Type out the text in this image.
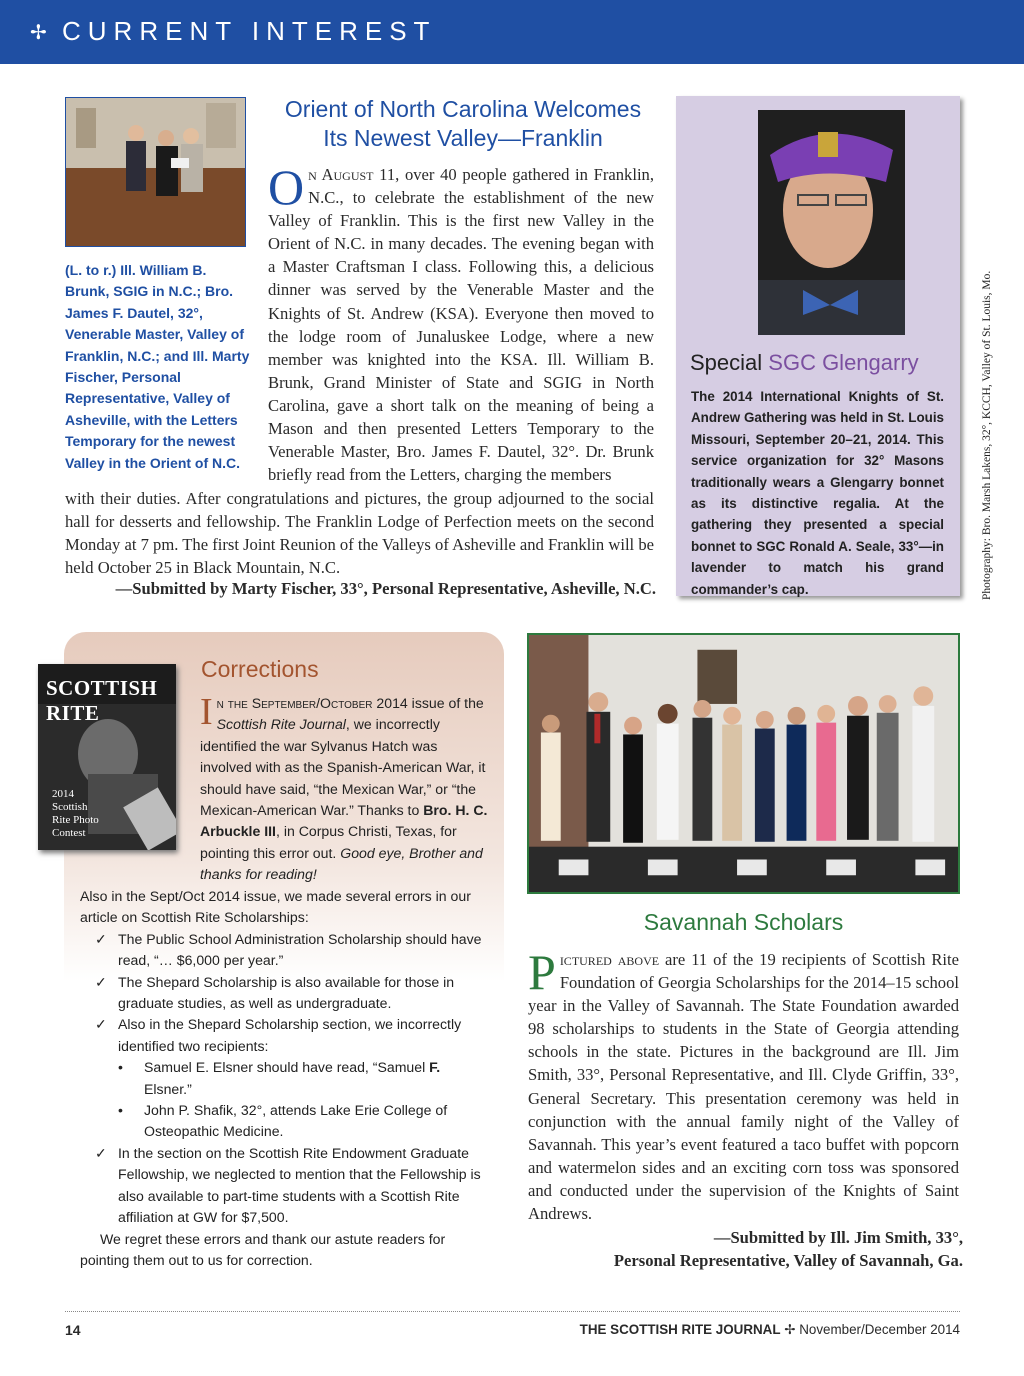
✢ CURRENT INTEREST
(L. to r.) Ill. William B. Brunk, SGIG in N.C.; Bro. James F. Dautel, 32°, Venerable Master, Valley of Franklin, N.C.; and Ill. Marty Fischer, Personal Representative, Valley of Asheville, with the Letters Temporary for the newest Valley in the Orient of N.C.
Orient of North Carolina Welcomes
Its Newest Valley—Franklin
On August 11, over 40 people gathered in Franklin, N.C., to celebrate the establishment of the new Valley of Franklin. This is the first new Valley in the Orient of N.C. in many decades. The evening began with a Master Craftsman I class. Following this, a delicious dinner was served by the Venerable Master and the Knights of St. Andrew (KSA). Everyone then moved to the lodge room of Junaluskee Lodge, where a new member was knighted into the KSA. Ill. William B. Brunk, Grand Minister of State and SGIG in North Carolina, gave a short talk on the meaning of being a Mason and then presented Letters Temporary to the Venerable Master, Bro. James F. Dautel, 32°. Dr. Brunk briefly read from the Letters, charging the members
with their duties. After congratulations and pictures, the group adjourned to the social hall for desserts and fellowship. The Franklin Lodge of Perfection meets on the second Monday at 7 pm. The first Joint Reunion of the Valleys of Asheville and Franklin will be held October 25 in Black Mountain, N.C.
—Submitted by Marty Fischer, 33°, Personal Representative, Asheville, N.C.
Special SGC Glengarry
The 2014 International Knights of St. Andrew Gathering was held in St. Louis Missouri, September 20–21, 2014. This service organization for 32° Masons traditionally wears a Glengarry bonnet as its distinctive regalia. At the gathering they presented a special bonnet to SGC Ronald A. Seale, 33°—in lavender to match his grand commander’s cap.	Photography: Bro. Marsh Lakens, 32°, KCCH, Valley of St. Louis, Mo.
SCOTTISH RITE
2014
Scottish Rite Photo Contest
Corrections
In the September/October 2014 issue of the Scottish Rite Journal, we incorrectly identified the war Sylvanus Hatch was involved with as the Spanish-American War, it should have said, “the Mexican War,” or “the Mexican-American War.” Thanks to Bro. H. C. Arbuckle III, in Corpus Christi, Texas, for pointing this error out. Good eye, Brother and thanks for reading!

Also in the Sept/Oct 2014 issue, we made several errors in our article on Scottish Rite Scholarships:

✓ The Public School Administration Scholarship should have read, “… $6,000 per year.”
✓ The Shepard Scholarship is also available for those in graduate studies, as well as undergraduate.
✓ Also in the Shepard Scholarship section, we incorrectly identified two recipients:
• Samuel E. Elsner should have read, “Samuel F. Elsner.”
• John P. Shafik, 32°, attends Lake Erie College of Osteopathic Medicine.
✓ In the section on the Scottish Rite Endowment Graduate Fellowship, we neglected to mention that the Fellowship is also available to part-time students with a Scottish Rite affiliation at GW for $7,500.

We regret these errors and thank our astute readers for pointing them out to us for correction.

Savannah Scholars
Pictured above are 11 of the 19 recipients of Scottish Rite Foundation of Georgia Scholarships for the 2014–15 school year in the Valley of Savannah. The State Foundation awarded 98 scholarships to students in the State of Georgia attending schools in the state. Pictures in the background are Ill. Jim Smith, 33°, Personal Representative, and Ill. Clyde Griffin, 33°, General Secretary. This presentation ceremony was held in conjunction with the annual family night of the Valley of Savannah. This year’s event featured a taco buffet with popcorn and watermelon sides and an exciting corn toss was sponsored and conducted under the supervision of the Knights of Saint Andrews.
—Submitted by Ill. Jim Smith, 33°,
Personal Representative, Valley of Savannah, Ga.
14	THE SCOTTISH RITE JOURNAL ✢ November/December 2014
